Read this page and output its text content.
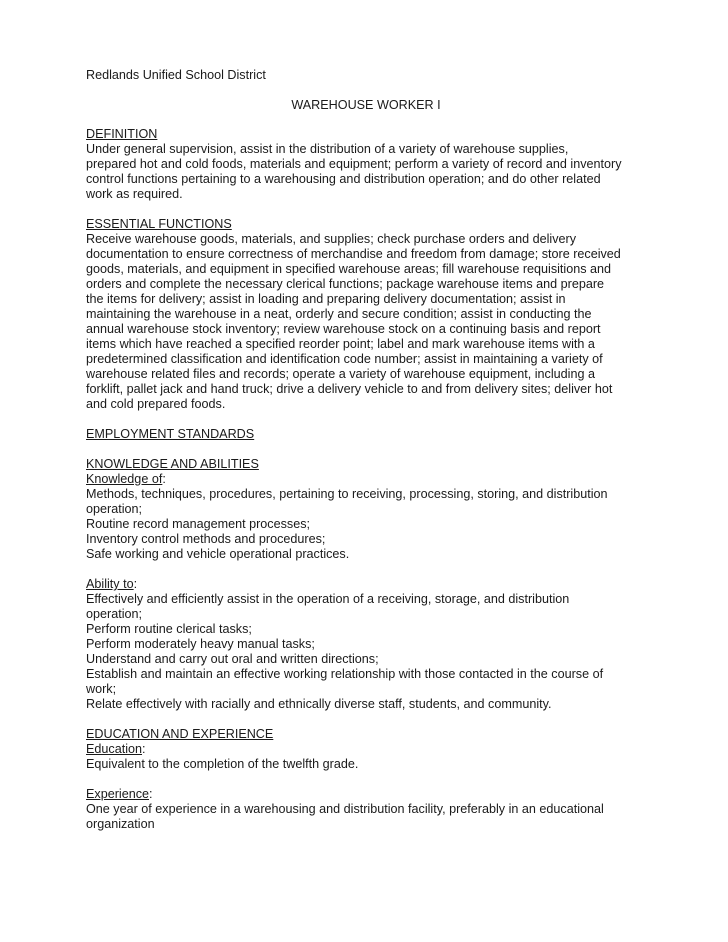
Redlands Unified School District
WAREHOUSE WORKER I
DEFINITION
Under general supervision, assist in the distribution of a variety of warehouse supplies,
prepared hot and cold foods, materials and equipment; perform a variety of record and inventory
control functions pertaining to a warehousing and distribution operation; and do other related
work as required.
ESSENTIAL FUNCTIONS
Receive warehouse goods, materials, and supplies; check purchase orders and delivery
documentation to ensure correctness of merchandise and freedom from damage; store received
goods, materials, and equipment in specified warehouse areas; fill warehouse requisitions and
orders and complete the necessary clerical functions; package warehouse items and prepare
the items for delivery; assist in loading and preparing delivery documentation; assist in
maintaining the warehouse in a neat, orderly and secure condition; assist in conducting the
annual warehouse stock inventory; review warehouse stock on a continuing basis and report
items which have reached a specified reorder point; label and mark warehouse items with a
predetermined classification and identification code number; assist in maintaining a variety of
warehouse related files and records; operate a variety of warehouse equipment, including a
forklift, pallet jack and hand truck; drive a delivery vehicle to and from delivery sites; deliver hot
and cold prepared foods.
EMPLOYMENT STANDARDS
KNOWLEDGE AND ABILITIES
Knowledge of:
Methods, techniques, procedures, pertaining to receiving, processing, storing, and distribution
operation;
Routine record management processes;
Inventory control methods and procedures;
Safe working and vehicle operational practices.
Ability to:
Effectively and efficiently assist in the operation of a receiving, storage, and distribution
operation;
Perform routine clerical tasks;
Perform moderately heavy manual tasks;
Understand and carry out oral and written directions;
Establish and maintain an effective working relationship with those contacted in the course of
work;
Relate effectively with racially and ethnically diverse staff, students, and community.
EDUCATION AND EXPERIENCE
Education:
Equivalent to the completion of the twelfth grade.
Experience:
One year of experience in a warehousing and distribution facility, preferably in an educational
organization
